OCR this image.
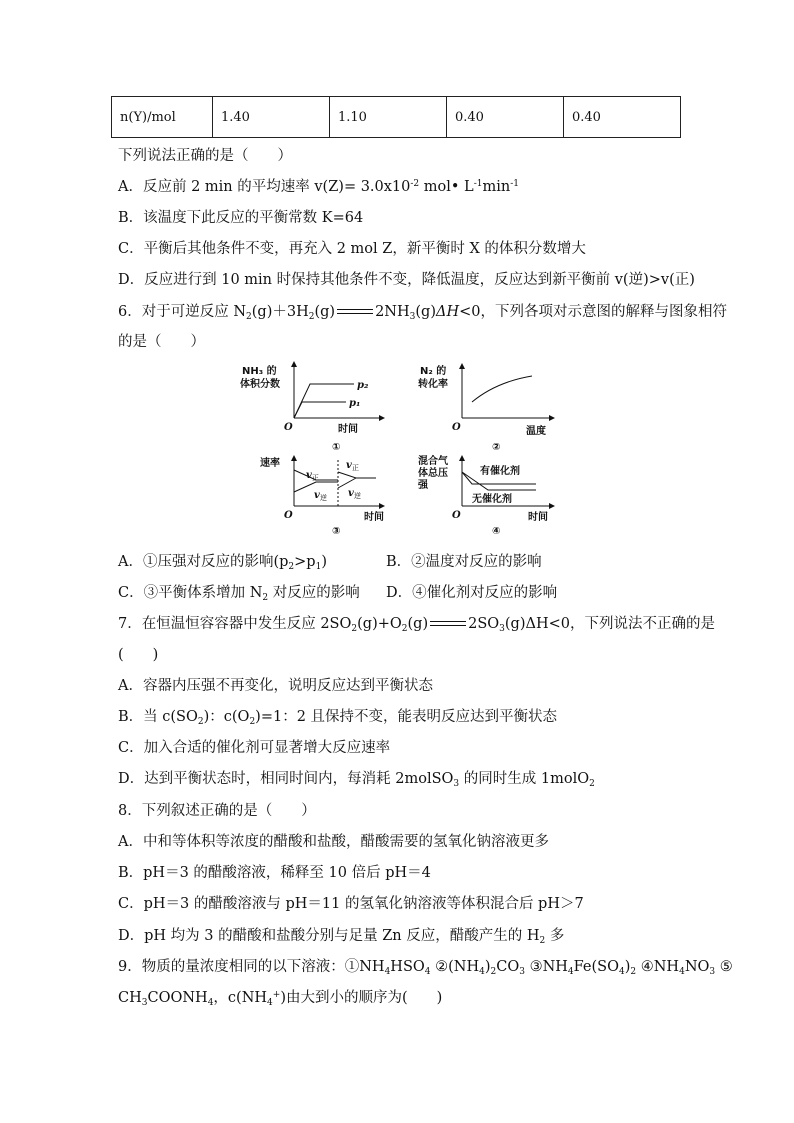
n(Y)/mol	1.40	1.10	0.40	0.40
下列说法正确的是（　　）
A．反应前 2 min 的平均速率 $v(Z)= 3.0x10^{-2}$ mol• $L^{-1}\min^{-1}$
B．该温度下此反应的平衡常数 K=64
C．平衡后其他条件不变，再充入 2 mol Z，新平衡时 X 的体积分数增大
D．反应进行到 10 min 时保持其他条件不变，降低温度，反应达到新平衡前 v(逆)>v(正)
6．对于可逆反应 $N_2(g)+3H_2(g)$	$2NH_3(g)\Delta H<0$，下列各项对示意图的解释与图象相符
的是（　　）
NH₃ 的
体积分数	p₂
p₁
O	时间
①
N₂ 的
转化率
O	温度
②
速率
v 正
v 逆
v 正
v 逆
O	时间
③
混合气
体总压
强
有催化剂
无催化剂
O	时间
④
A．①压强对反应的影响$(p_2>p_1)$	B．②温度对反应的影响
C．③平衡体系增加 $N_2$ 对反应的影响 D．④催化剂对反应的影响
7．在恒温恒容容器中发生反应 $2SO_2(g)+O_2(g)$	$2SO_3(g)\Delta H<0$，下列说法不正确的是
(　　)
A．容器内压强不再变化，说明反应达到平衡状态
B．当 $c(SO_2)$：$c(O_2)=1$：2 且保持不变，能表明反应达到平衡状态
C．加入合适的催化剂可显著增大反应速率
D．达到平衡状态时，相同时间内，每消耗 2molSO$_3$ 的同时生成 1molO$_2$
8．下列叙述正确的是（　　）
A．中和等体积等浓度的醋酸和盐酸，醋酸需要的氢氧化钠溶液更多
B．pH＝3 的醋酸溶液，稀释至 10 倍后 pH＝4
C．pH＝3 的醋酸溶液与 pH＝11 的氢氧化钠溶液等体积混合后 pH＞7
D．pH 均为 3 的醋酸和盐酸分别与足量 Zn 反应，醋酸产生的 $H_2$ 多
9．物质的量浓度相同的以下溶液：$①NH_4HSO_4$ $②(NH_4)_2CO_3$ $③NH_4Fe(SO_4)_2$ $④NH_4NO_3$ ⑤
$CH_3COONH_4$，$c(NH_4^+)$由大到小的顺序为(　　)
